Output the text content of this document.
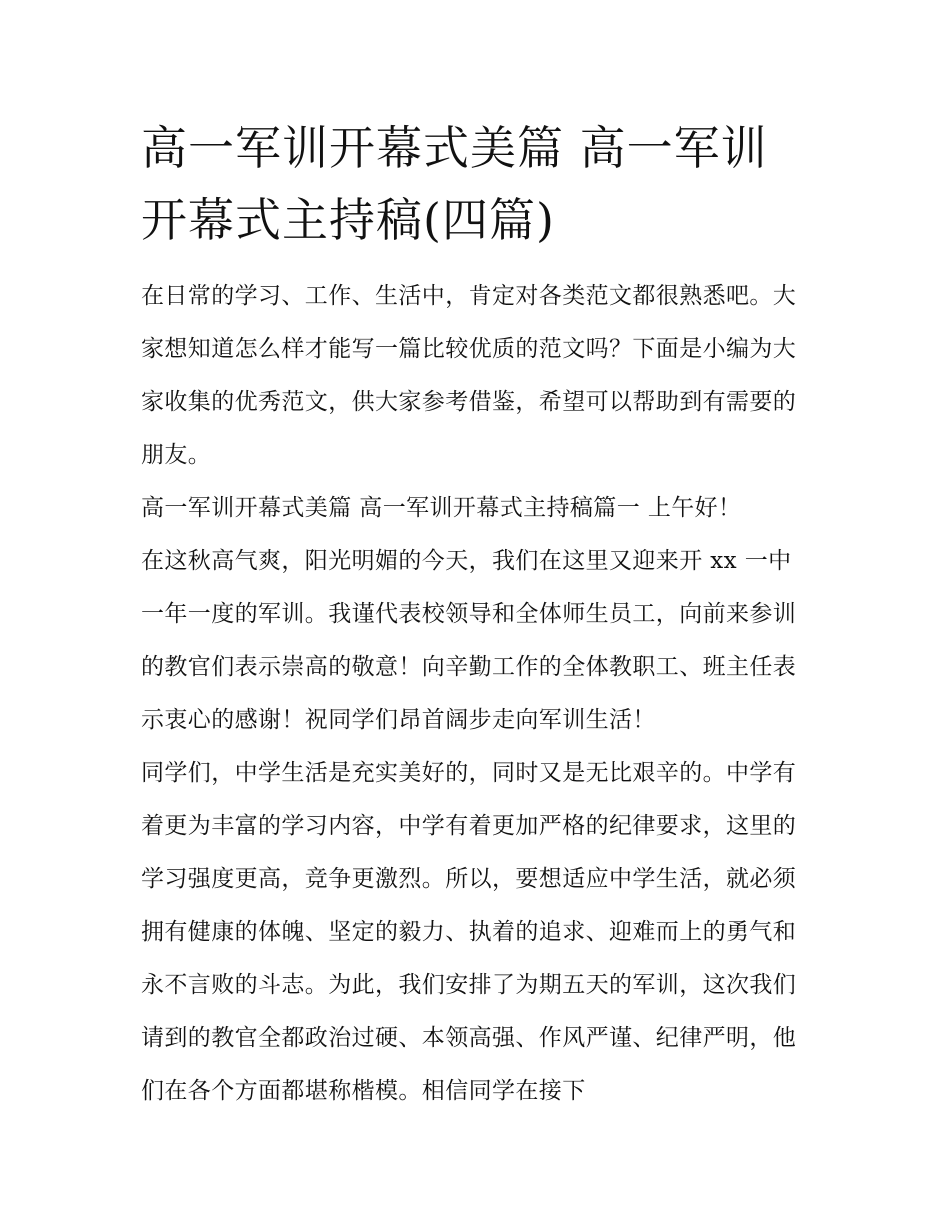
高一军训开幕式美篇 高一军训
开幕式主持稿(四篇)

在日常的学习、工作、生活中，肯定对各类范文都很熟悉吧。大家想知道怎么样才能写一篇比较优质的范文吗？下面是小编为大家收集的优秀范文，供大家参考借鉴，希望可以帮助到有需要的朋友。

高一军训开幕式美篇 高一军训开幕式主持稿篇一 上午好！

在这秋高气爽，阳光明媚的今天，我们在这里又迎来开 xx 一中一年一度的军训。我谨代表校领导和全体师生员工，向前来参训的教官们表示崇高的敬意！向辛勤工作的全体教职工、班主任表示衷心的感谢！祝同学们昂首阔步走向军训生活！

同学们，中学生活是充实美好的，同时又是无比艰辛的。中学有着更为丰富的学习内容，中学有着更加严格的纪律要求，这里的学习强度更高，竞争更激烈。所以，要想适应中学生活，就必须拥有健康的体魄、坚定的毅力、执着的追求、迎难而上的勇气和永不言败的斗志。为此，我们安排了为期五天的军训，这次我们请到的教官全都政治过硬、本领高强、作风严谨、纪律严明，他们在各个方面都堪称楷模。相信同学在接下
